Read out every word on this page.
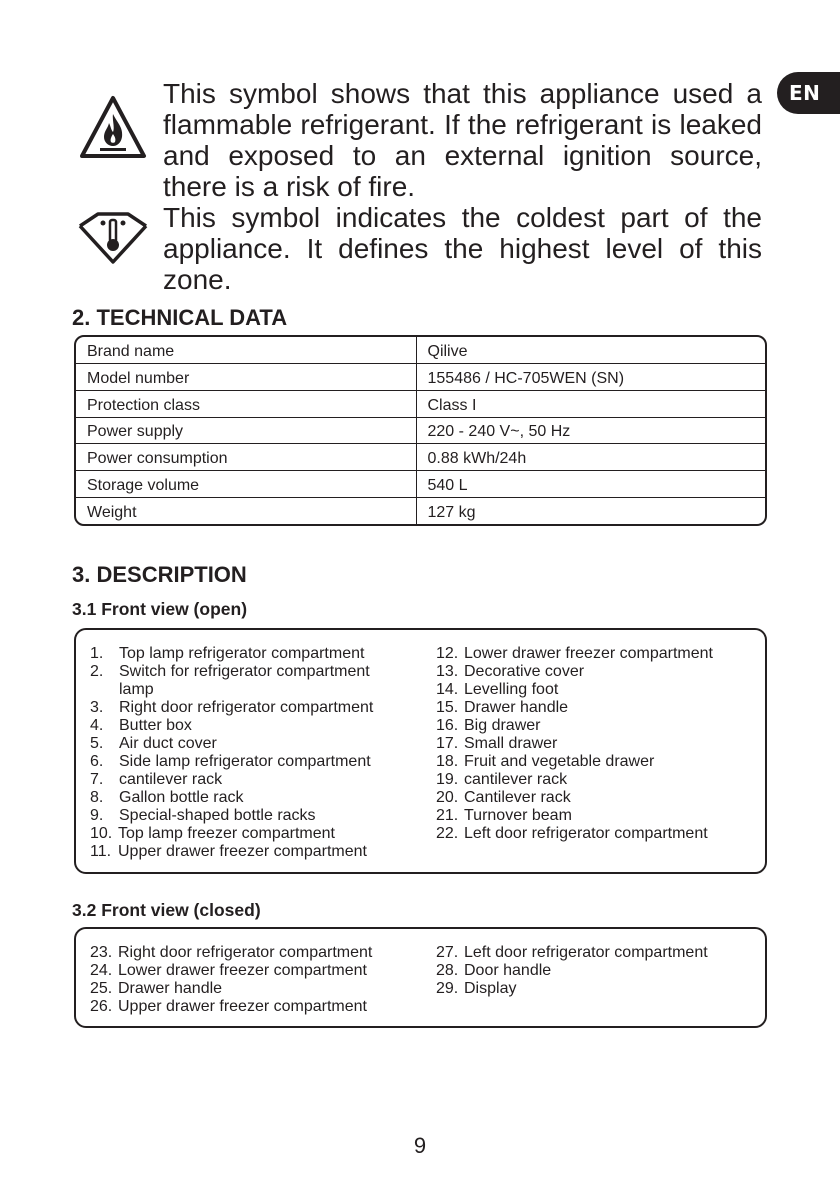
EN
This symbol shows that this appliance used a flammable refrigerant. If the refrigerant is leaked and exposed to an external ignition source, there is a risk of fire.
This symbol indicates the coldest part of the appliance. It defines the highest level of this zone.
2. TECHNICAL DATA
Brand name	Qilive
Model number	155486 / HC-705WEN (SN)
Protection class	Class I
Power supply	220 - 240 V~, 50 Hz
Power consumption	0.88 kWh/24h
Storage volume	540 L
Weight	127 kg
3. DESCRIPTION
3.1 Front view (open)
1. Top lamp refrigerator compartment
2. Switch for refrigerator compartment
lamp
3. Right door refrigerator compartment
4. Butter box
5. Air duct cover
6. Side lamp refrigerator compartment
7. cantilever rack
8. Gallon bottle rack
9. Special-shaped bottle racks
10. Top lamp freezer compartment
11. Upper drawer freezer compartment
12. Lower drawer freezer compartment
13. Decorative cover
14. Levelling foot
15. Drawer handle
16. Big drawer
17. Small drawer
18. Fruit and vegetable drawer
19. cantilever rack
20. Cantilever rack
21. Turnover beam
22. Left door refrigerator compartment
3.2 Front view (closed)
23. Right door refrigerator compartment
24. Lower drawer freezer compartment
25. Drawer handle
26. Upper drawer freezer compartment
27. Left door refrigerator compartment
28. Door handle
29. Display
9
